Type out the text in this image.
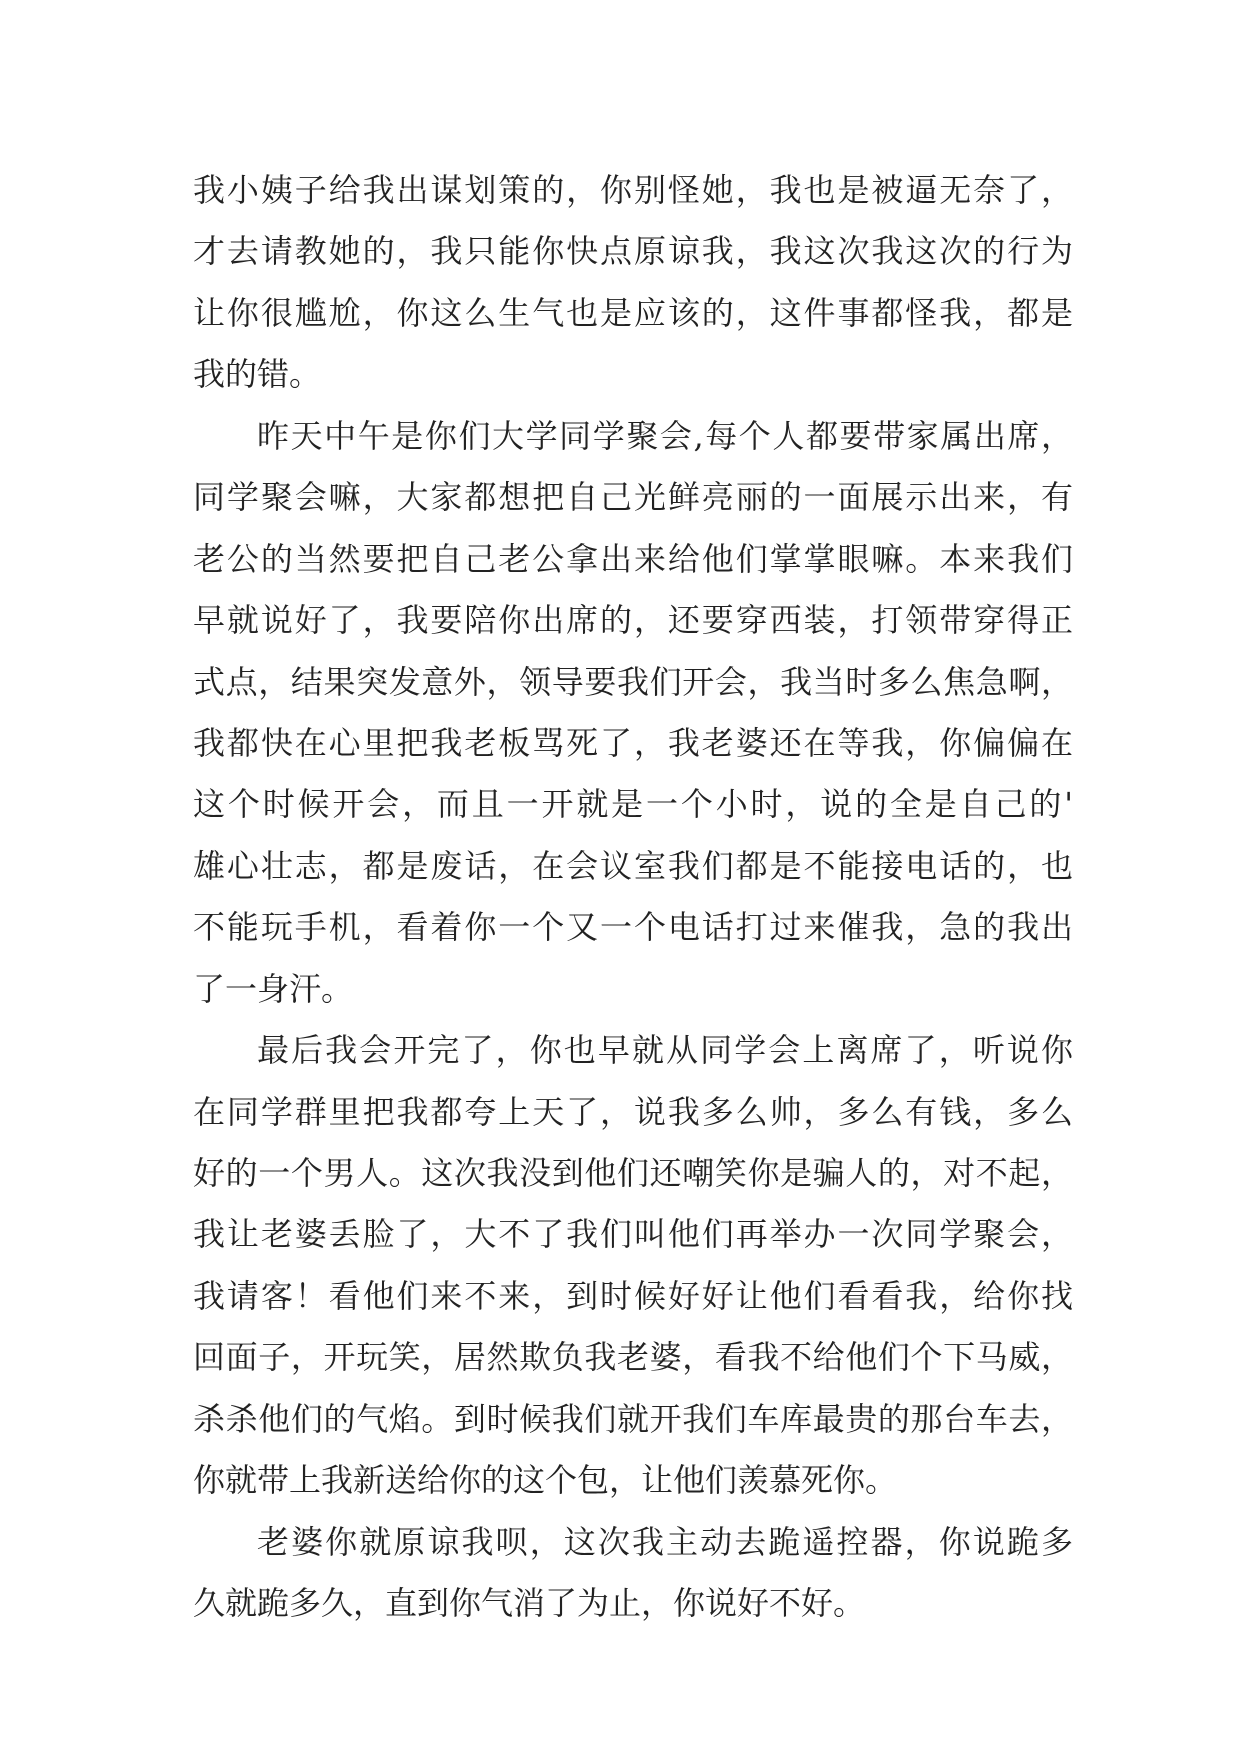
我小姨子给我出谋划策的，你别怪她，我也是被逼无奈了，
才去请教她的，我只能你快点原谅我，我这次我这次的行为
让你很尴尬，你这么生气也是应该的，这件事都怪我，都是
我的错。
昨天中午是你们大学同学聚会,每个人都要带家属出席，
同学聚会嘛，大家都想把自己光鲜亮丽的一面展示出来，有
老公的当然要把自己老公拿出来给他们掌掌眼嘛。本来我们
早就说好了，我要陪你出席的，还要穿西装，打领带穿得正
式点，结果突发意外，领导要我们开会，我当时多么焦急啊，
我都快在心里把我老板骂死了，我老婆还在等我，你偏偏在
这个时候开会，而且一开就是一个小时，说的全是自己的'
雄心壮志，都是废话，在会议室我们都是不能接电话的，也
不能玩手机，看着你一个又一个电话打过来催我，急的我出
了一身汗。
最后我会开完了，你也早就从同学会上离席了，听说你
在同学群里把我都夸上天了，说我多么帅，多么有钱，多么
好的一个男人。这次我没到他们还嘲笑你是骗人的，对不起，
我让老婆丢脸了，大不了我们叫他们再举办一次同学聚会，
我请客！看他们来不来，到时候好好让他们看看我，给你找
回面子，开玩笑，居然欺负我老婆，看我不给他们个下马威，
杀杀他们的气焰。到时候我们就开我们车库最贵的那台车去，
你就带上我新送给你的这个包，让他们羡慕死你。
老婆你就原谅我呗，这次我主动去跪遥控器，你说跪多
久就跪多久，直到你气消了为止，你说好不好。
